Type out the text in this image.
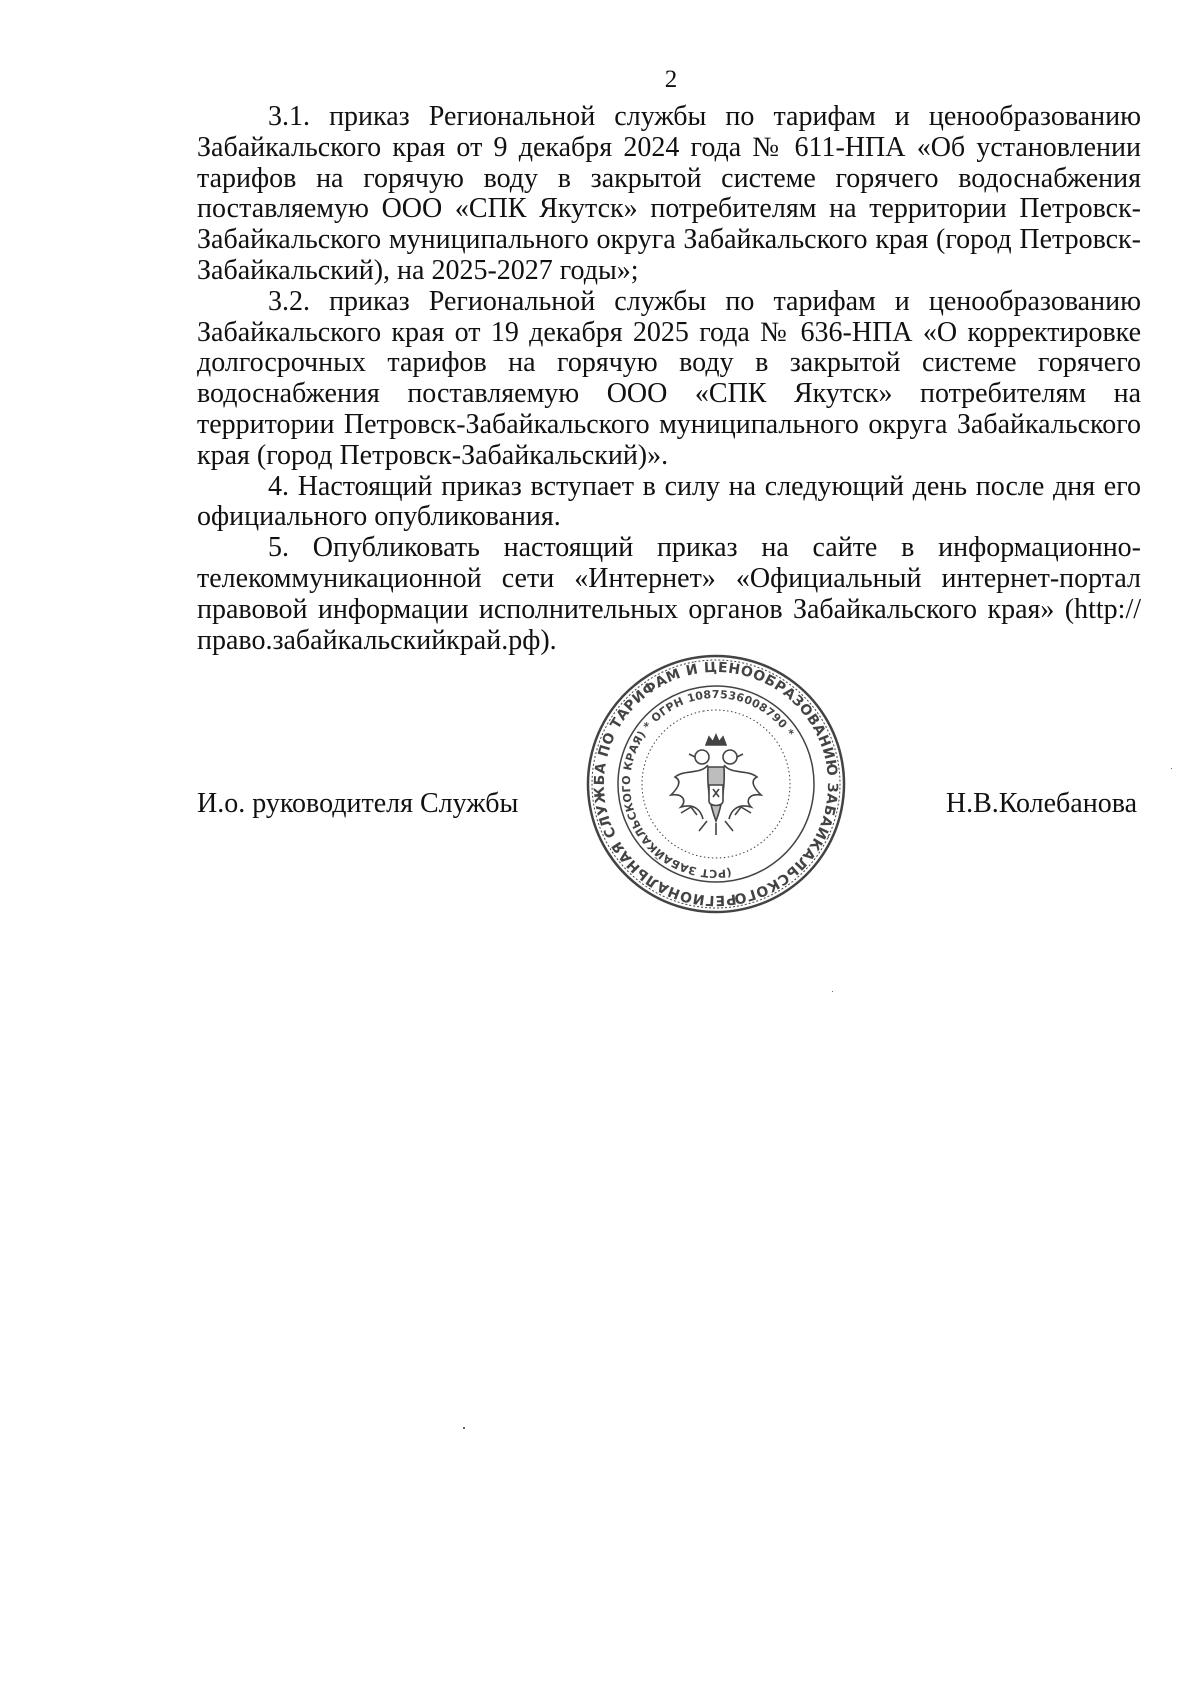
2

3.1. приказ Региональной службы по тарифам и ценообразованию Забайкальского края от 9 декабря 2024 года № 611-НПА «Об установлении тарифов на горячую воду в закрытой системе горячего водоснабжения поставляемую ООО «СПК Якутск» потребителям на территории Петровск-Забайкальского муниципального округа Забайкальского края (город Петровск-Забайкальский), на 2025-2027 годы»;

3.2. приказ Региональной службы по тарифам и ценообразованию Забайкальского края от 19 декабря 2025 года № 636-НПА «О корректировке долгосрочных тарифов на горячую воду в закрытой системе горячего водоснабжения поставляемую ООО «СПК Якутск» потребителям на территории Петровск-Забайкальского муниципального округа Забайкальского края (город Петровск-Забайкальский)».

4. Настоящий приказ вступает в силу на следующий день после дня его официального опубликования.

5. Опубликовать настоящий приказ на сайте в информационно-телекоммуникационной сети «Интернет» «Официальный интернет-портал правовой информации исполнительных органов Забайкальского края» (http://право.забайкальскийкрай.рф).

И.о. руководителя Службы	Н.В.Колебанова
РЕГИОНАЛЬНАЯ СЛУЖБА ПО ТАРИФАМ И ЦЕНООБРАЗОВАНИЮ ЗАБАЙКАЛЬСКОГО
(РСТ ЗАБАЙКАЛЬСКОГО КРАЯ) * ОГРН 1087536008790 *
